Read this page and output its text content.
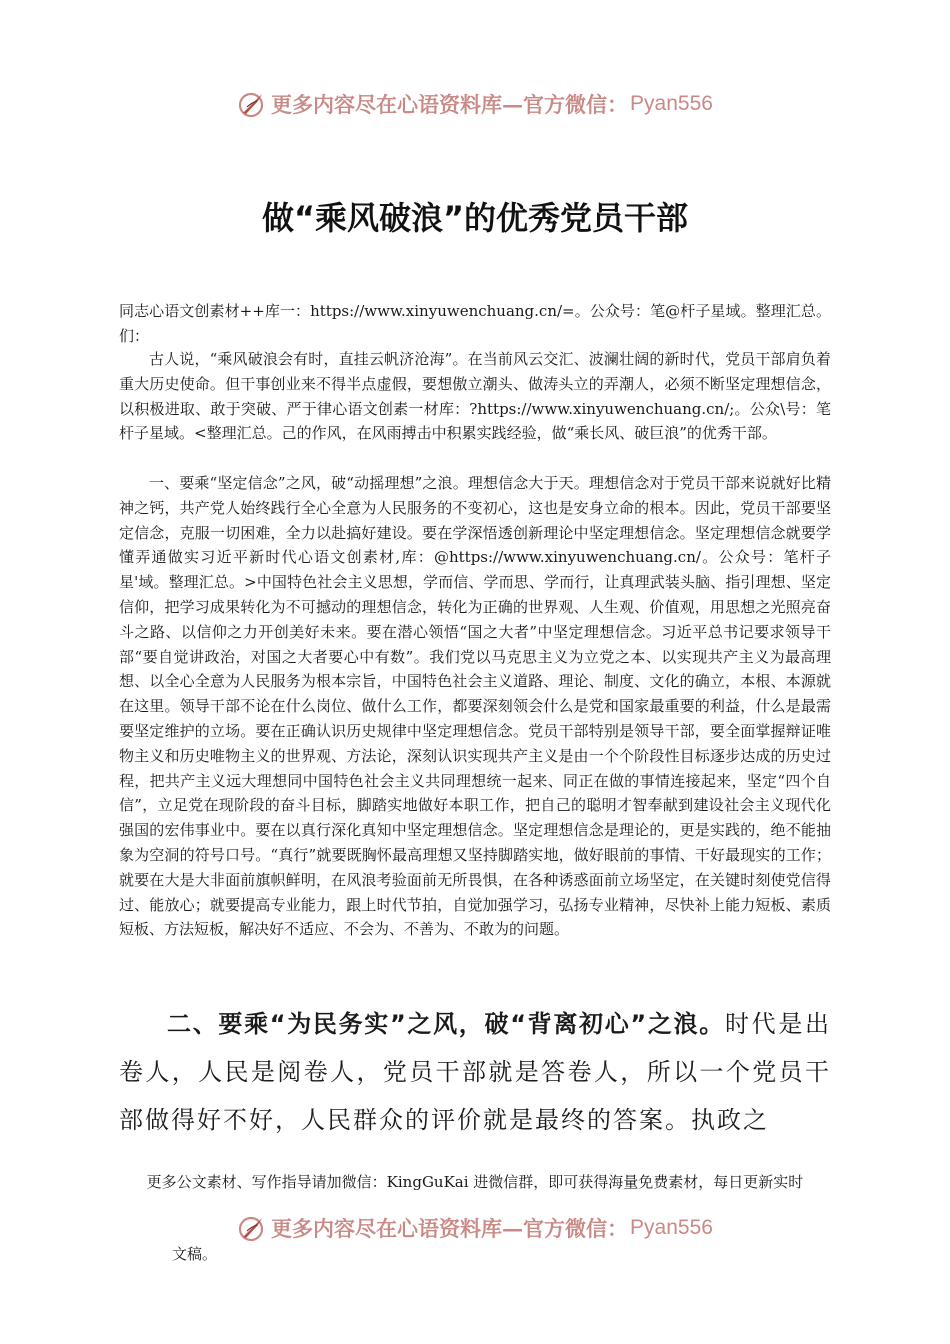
更多内容尽在心语资料库—官方微信： Pyan556
做“乘风破浪”的优秀党员干部
同志心语文创素材++库一：https://www.xinyuwenchuang.cn/=。公众号：笔@杆子星域。整理汇总。们：
古人说，“乘风破浪会有时，直挂云帆济沧海”。在当前风云交汇、波澜壮阔的新时代，党员干部肩负着重大历史使命。但干事创业来不得半点虚假，要想傲立潮头、做涛头立的弄潮人，必须不断坚定理想信念，以积极进取、敢于突破、严于律心语文创素一材库：?https://www.xinyuwenchuang.cn/;。公众\号：笔杆子星域。<整理汇总。己的作风，在风雨搏击中积累实践经验，做“乘长风、破巨浪”的优秀干部。
一、要乘“坚定信念”之风，破“动摇理想”之浪。理想信念大于天。理想信念对于党员干部来说就好比精神之钙，共产党人始终践行全心全意为人民服务的不变初心，这也是安身立命的根本。因此，党员干部要坚定信念，克服一切困难，全力以赴搞好建设。要在学深悟透创新理论中坚定理想信念。坚定理想信念就要学懂弄通做实习近平新时代心语文创素材,库：@https://www.xinyuwenchuang.cn/。公众号：笔杆子星'域。整理汇总。>中国特色社会主义思想，学而信、学而思、学而行，让真理武装头脑、指引理想、坚定信仰，把学习成果转化为不可撼动的理想信念，转化为正确的世界观、人生观、价值观，用思想之光照亮奋斗之路、以信仰之力开创美好未来。要在潜心领悟“国之大者”中坚定理想信念。习近平总书记要求领导干部“要自觉讲政治，对国之大者要心中有数”。我们党以马克思主义为立党之本、以实现共产主义为最高理想、以全心全意为人民服务为根本宗旨，中国特色社会主义道路、理论、制度、文化的确立，本根、本源就在这里。领导干部不论在什么岗位、做什么工作，都要深刻领会什么是党和国家最重要的利益，什么是最需要坚定维护的立场。要在正确认识历史规律中坚定理想信念。党员干部特别是领导干部，要全面掌握辩证唯物主义和历史唯物主义的世界观、方法论，深刻认识实现共产主义是由一个个阶段性目标逐步达成的历史过程，把共产主义远大理想同中国特色社会主义共同理想统一起来、同正在做的事情连接起来，坚定“四个自信”，立足党在现阶段的奋斗目标，脚踏实地做好本职工作，把自己的聪明才智奉献到建设社会主义现代化强国的宏伟事业中。要在以真行深化真知中坚定理想信念。坚定理想信念是理论的，更是实践的，绝不能抽象为空洞的符号口号。“真行”就要既胸怀最高理想又坚持脚踏实地，做好眼前的事情、干好最现实的工作；就要在大是大非面前旗帜鲜明，在风浪考验面前无所畏惧，在各种诱惑面前立场坚定，在关键时刻使党信得过、能放心；就要提高专业能力，跟上时代节拍，自觉加强学习，弘扬专业精神，尽快补上能力短板、素质短板、方法短板，解决好不适应、不会为、不善为、不敢为的问题。
二、要乘“为民务实”之风，破“背离初心”之浪。时代是出卷人，人民是阅卷人，党员干部就是答卷人，所以一个党员干部做得好不好，人民群众的评价就是最终的答案。执政之
更多公文素材、写作指导请加微信：KingGuKai 进微信群，即可获得海量免费素材，每日更新实时
更多内容尽在心语资料库—官方微信： Pyan556
文稿。
